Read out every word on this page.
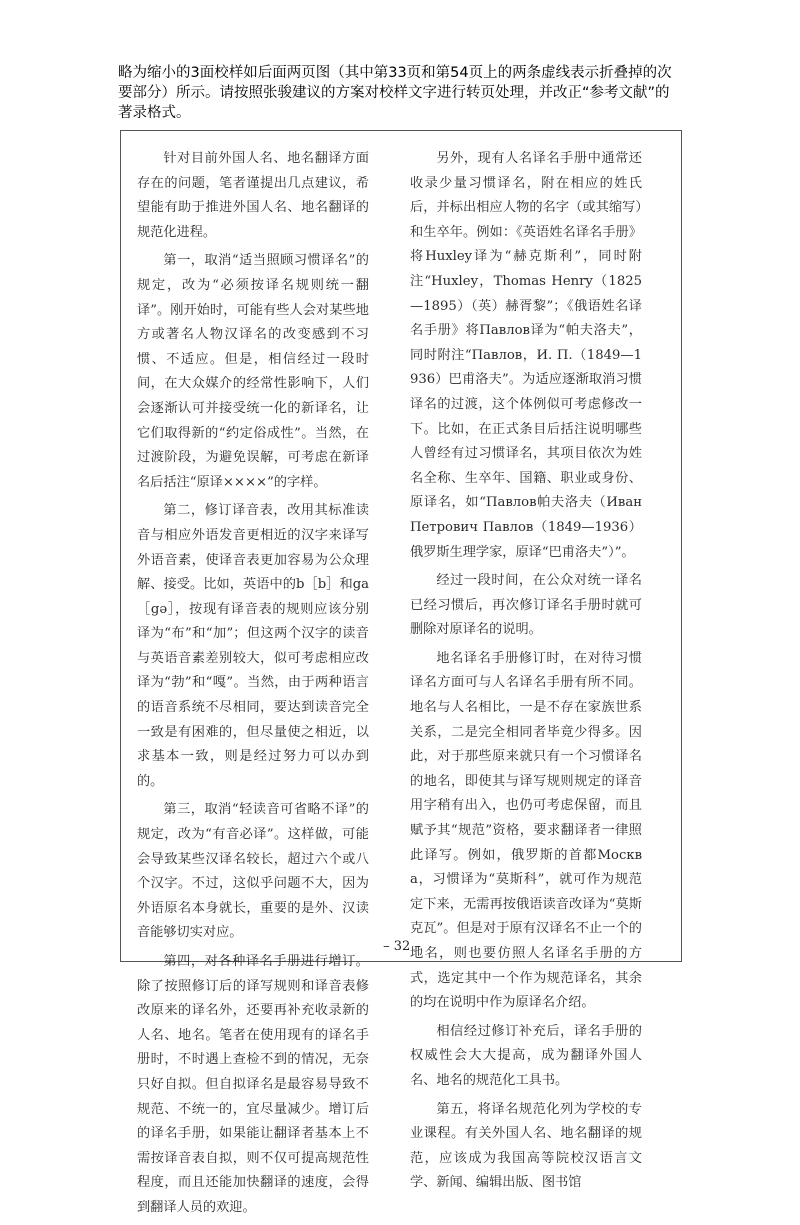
略为缩小的3面校样如后面两页图（其中第33页和第54页上的两条虚线表示折叠掉的次要部分）所示。请按照张骏建议的方案对校样文字进行转页处理，并改正“参考文献”的著录格式。

针对目前外国人名、地名翻译方面存在的问题，笔者谨提出几点建议，希望能有助于推进外国人名、地名翻译的规范化进程。

第一，取消“适当照顾习惯译名”的规定，改为“必须按译名规则统一翻译”。刚开始时，可能有些人会对某些地方或著名人物汉译名的改变感到不习惯、不适应。但是，相信经过一段时间，在大众媒介的经常性影响下，人们会逐渐认可并接受统一化的新译名，让它们取得新的“约定俗成性”。当然，在过渡阶段，为避免误解，可考虑在新译名后括注“原译××××”的字样。

第二，修订译音表，改用其标准读音与相应外语发音更相近的汉字来译写外语音素，使译音表更加容易为公众理解、接受。比如，英语中的b［b］和ga［gə］，按现有译音表的规则应该分别译为“布”和“加”；但这两个汉字的读音与英语音素差别较大，似可考虑相应改译为“勃”和“嘎”。当然，由于两种语言的语音系统不尽相同，要达到读音完全一致是有困难的，但尽量使之相近，以求基本一致，则是经过努力可以办到的。

第三，取消“轻读音可省略不译”的规定，改为“有音必译”。这样做，可能会导致某些汉译名较长，超过六个或八个汉字。不过，这似乎问题不大，因为外语原名本身就长，重要的是外、汉读音能够切实对应。

第四，对各种译名手册进行增订。除了按照修订后的译写规则和译音表修改原来的译名外，还要再补充收录新的人名、地名。笔者在使用现有的译名手册时，不时遇上查检不到的情况，无奈只好自拟。但自拟译名是最容易导致不规范、不统一的，宜尽量减少。增订后的译名手册，如果能让翻译者基本上不需按译音表自拟，则不仅可提高规范性程度，而且还能加快翻译的速度，会得到翻译人员的欢迎。

另外，现有人名译名手册中通常还收录少量习惯译名，附在相应的姓氏后，并标出相应人物的名字（或其缩写）和生卒年。例如：《英语姓名译名手册》将Huxley译为“赫克斯利”，同时附注“Huxley，Thomas Henry（1825—1895）（英）赫胥黎”；《俄语姓名译名手册》将Павлов译为“帕夫洛夫”，同时附注“Павлов，И. П.（1849—1936）巴甫洛夫”。为适应逐渐取消习惯译名的过渡，这个体例似可考虑修改一下。比如，在正式条目后括注说明哪些人曾经有过习惯译名，其项目依次为姓名全称、生卒年、国籍、职业或身份、原译名，如“Павлов帕夫洛夫（Иван Петрович Павлов（1849—1936）俄罗斯生理学家，原译“巴甫洛夫”）”。

经过一段时间，在公众对统一译名已经习惯后，再次修订译名手册时就可删除对原译名的说明。

地名译名手册修订时，在对待习惯译名方面可与人名译名手册有所不同。地名与人名相比，一是不存在家族世系关系，二是完全相同者毕竟少得多。因此，对于那些原来就只有一个习惯译名的地名，即使其与译写规则规定的译音用字稍有出入，也仍可考虑保留，而且赋予其“规范”资格，要求翻译者一律照此译写。例如，俄罗斯的首都Москва，习惯译为“莫斯科”，就可作为规范定下来，无需再按俄语读音改译为“莫斯克瓦”。但是对于原有汉译名不止一个的地名，则也要仿照人名译名手册的方式，选定其中一个作为规范译名，其余的均在说明中作为原译名介绍。

相信经过修订补充后，译名手册的权威性会大大提高，成为翻译外国人名、地名的规范化工具书。

第五，将译名规范化列为学校的专业课程。有关外国人名、地名翻译的规范，应该成为我国高等院校汉语言文学、新闻、编辑出版、图书馆

– 32 –
